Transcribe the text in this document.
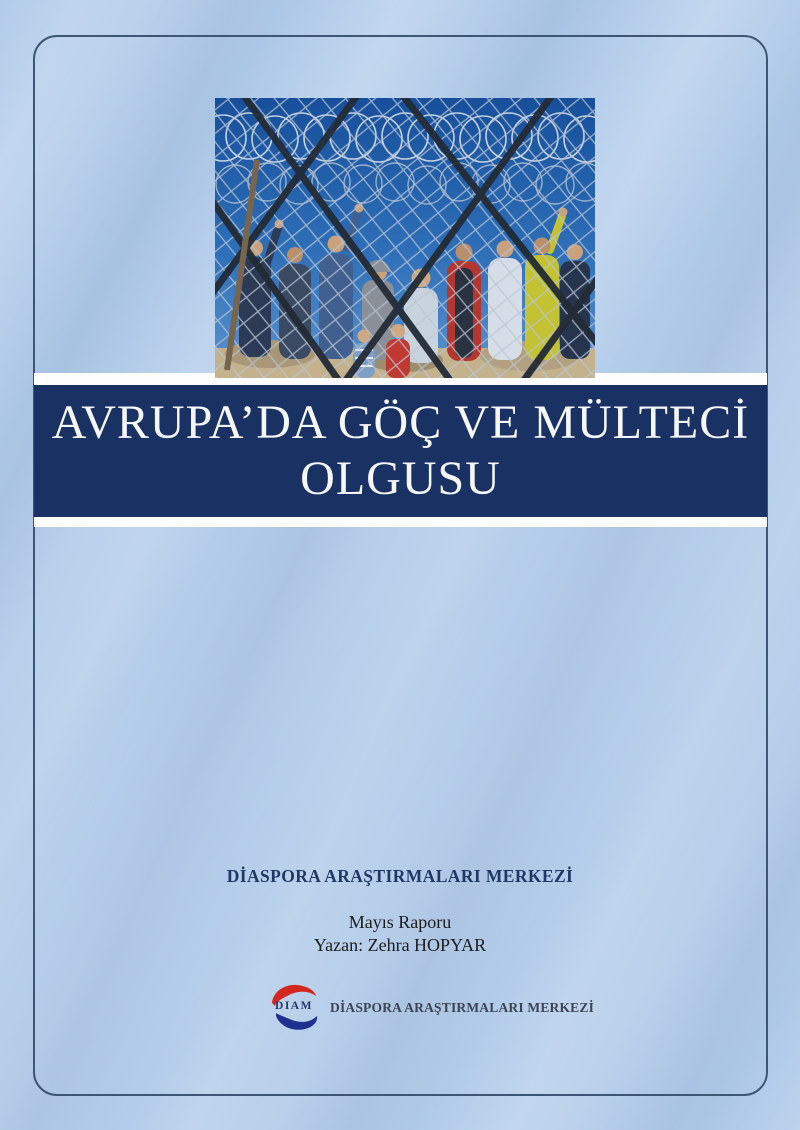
AVRUPA’DA GÖÇ VE MÜLTECİ
OLGUSU
DİASPORA ARAŞTIRMALARI MERKEZİ
Mayıs Raporu
Yazan: Zehra HOPYAR
DIAM	DİASPORA ARAŞTIRMALARI MERKEZİ
